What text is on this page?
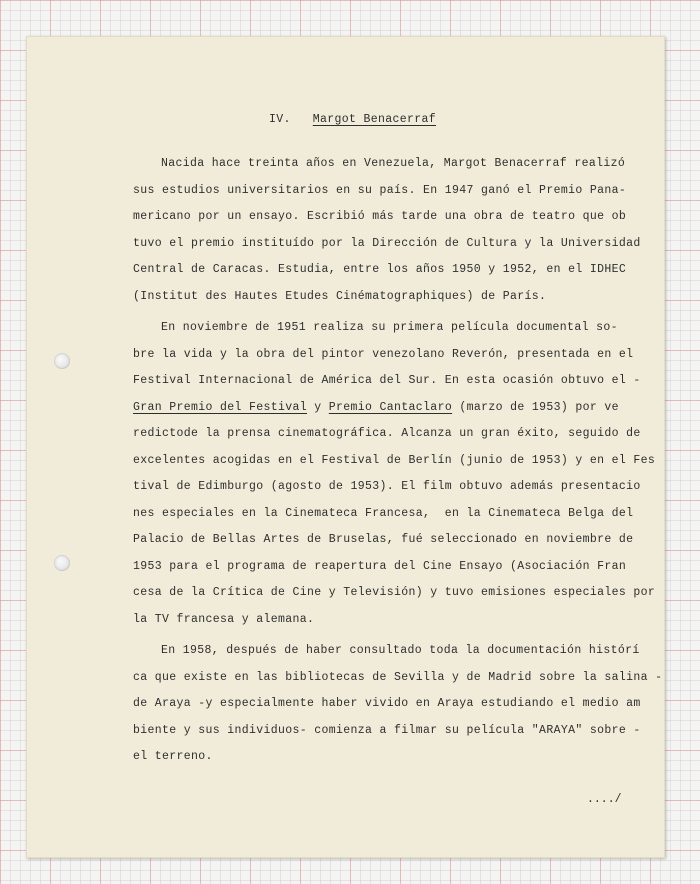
IV. Margot Benacerraf
Nacida hace treinta años en Venezuela, Margot Benacerraf realizó
sus estudios universitarios en su país. En 1947 ganó el Premio Pana-
mericano por un ensayo. Escribió más tarde una obra de teatro que ob
tuvo el premio instituído por la Dirección de Cultura y la Universidad
Central de Caracas. Estudia, entre los años 1950 y 1952, en el IDHEC
(Institut des Hautes Etudes Cinématographiques) de París.
En noviembre de 1951 realiza su primera película documental so-
bre la vida y la obra del pintor venezolano Reverón, presentada en el
Festival Internacional de América del Sur. En esta ocasión obtuvo el -
Gran Premio del Festival y Premio Cantaclaro (marzo de 1953) por ve
redictode la prensa cinematográfica. Alcanza un gran éxito, seguido de
excelentes acogidas en el Festival de Berlín (junio de 1953) y en el Fes
tival de Edimburgo (agosto de 1953). El film obtuvo además presentacio
nes especiales en la Cinemateca Francesa,  en la Cinemateca Belga del
Palacio de Bellas Artes de Bruselas, fué seleccionado en noviembre de
1953 para el programa de reapertura del Cine Ensayo (Asociación Fran
cesa de la Crítica de Cine y Televisión) y tuvo emisiones especiales por
la TV francesa y alemana.
En 1958, después de haber consultado toda la documentación histórí
ca que existe en las bibliotecas de Sevilla y de Madrid sobre la salina -
de Araya -y especialmente haber vivido en Araya estudiando el medio am
biente y sus individuos- comienza a filmar su película "ARAYA" sobre -
el terreno.
..../
